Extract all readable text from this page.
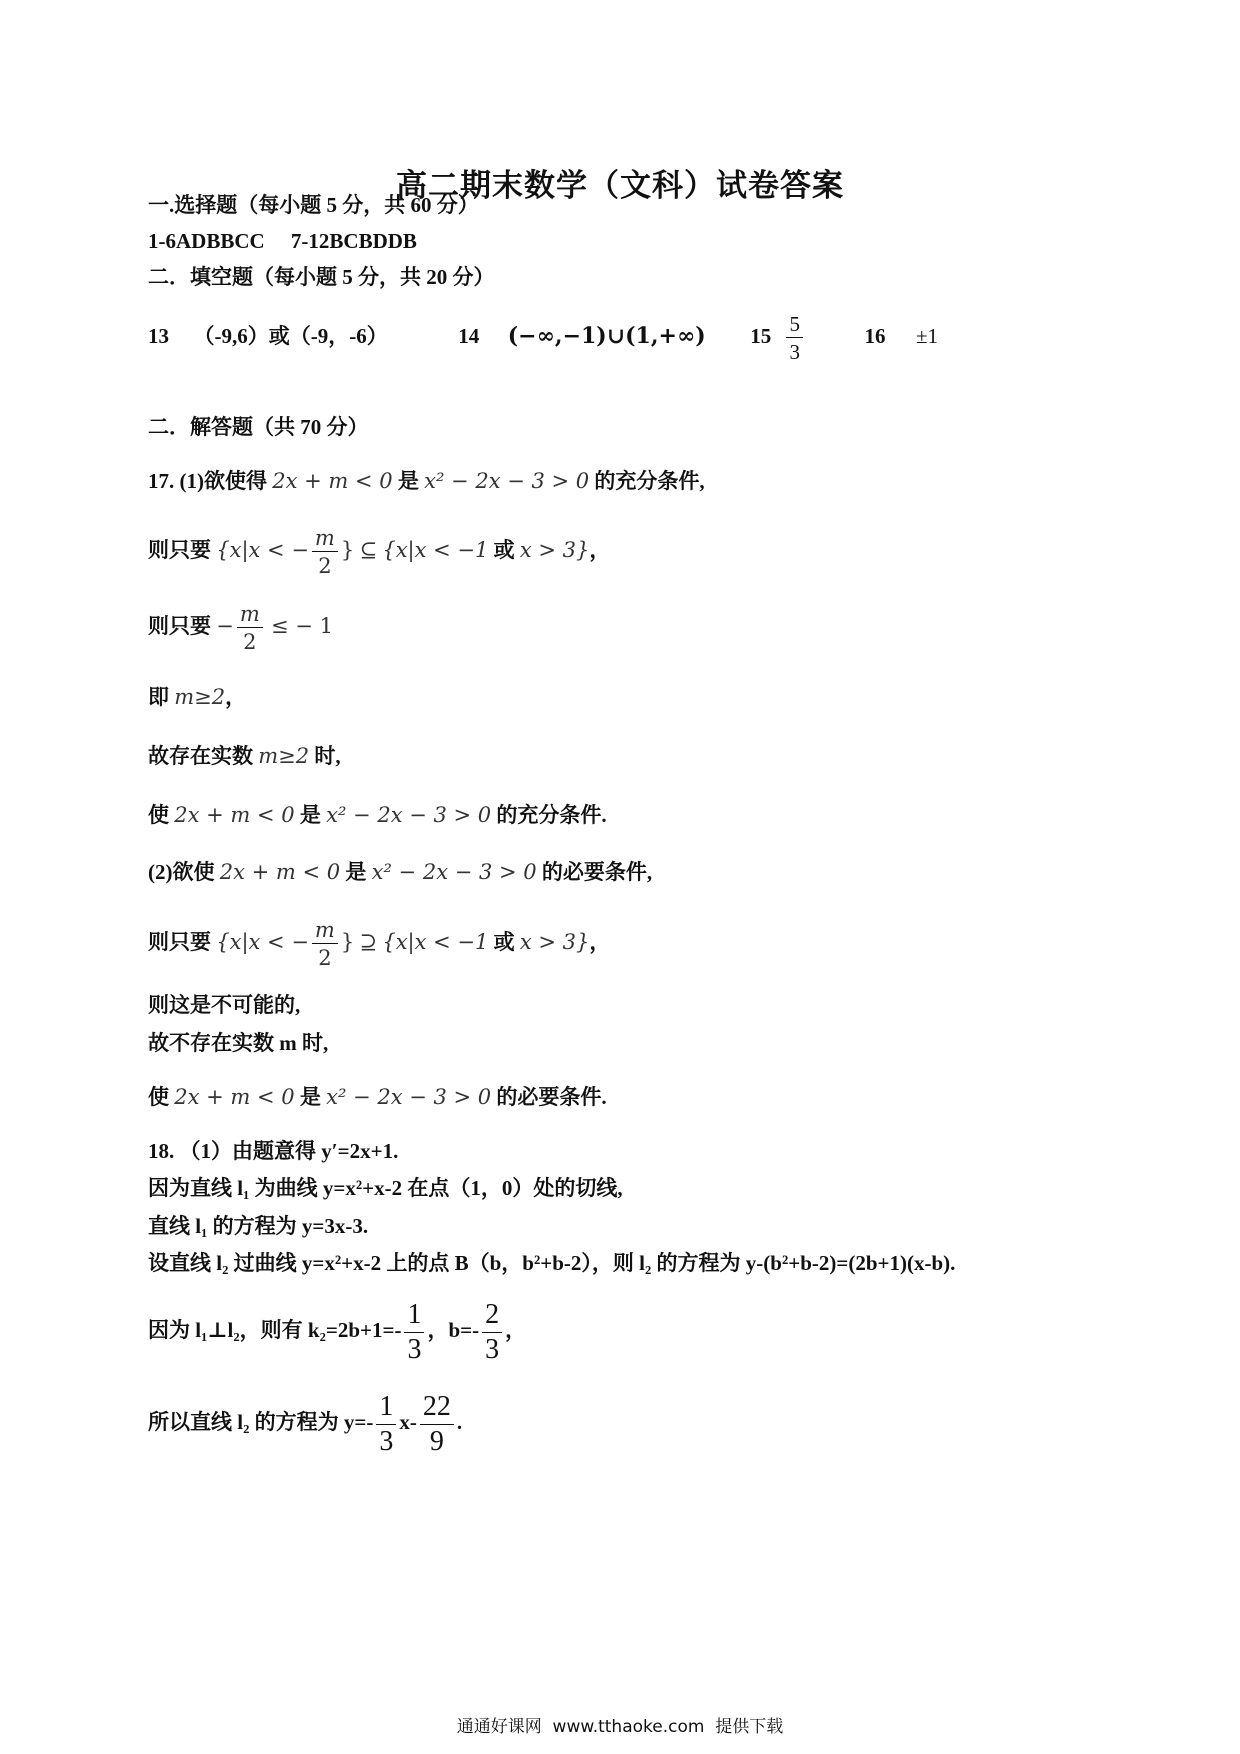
高二期末数学（文科）试卷答案
一.选择题（每小题 5 分，共 60 分）
1-6ADBBCC     7-12BCBDDB
二．填空题（每小题 5 分，共 20 分）
13 （-9,6）或（-9，-6）	14 (−∞,−1)∪(1,+∞) $15 \frac{5}{3}$	16 ±1
二．解答题（共 70 分）
17. (1)欲使得 2x + m < 0 是 x² − 2x − 3 > 0 的充分条件,
则只要 {x|x < − $\frac{m}{2}$ } ⊆ {x|x < −1 或 x > 3}，
则只要 − $\frac{m}{2}$ ≤ − 1
即 m≥2，
故存在实数 m≥2 时,
使 2x + m < 0 是 x² − 2x − 3 > 0 的充分条件.
(2)欲使 2x + m < 0 是 x² − 2x − 3 > 0 的必要条件,
则只要 {x|x < − $\frac{m}{2}$ } ⊇ {x|x < −1 或 x > 3}，
则这是不可能的,
故不存在实数 m 时,
使 2x + m < 0 是 x² − 2x − 3 > 0 的必要条件.
18. （1）由题意得 y′=2x+1.
因为直线 l₁ 为曲线 y=x²+x-2 在点（1，0）处的切线,
直线 l₁ 的方程为 y=3x-3.
设直线 l₂ 过曲线 y=x²+x-2 上的点 B（b，b²+b-2），则 l₂ 的方程为 y-(b²+b-2)=(2b+1)(x-b).
因为 l₁⊥l₂，则有 $k_2=2b+1=- \frac{1}{3}$ ，$b=- \frac{2}{3}$ ，
所以直线 l₂ 的方程为 $y=- \frac{1}{3} x- \frac{22}{9}$ .
通通好课网  www.tthaoke.com  提供下载
